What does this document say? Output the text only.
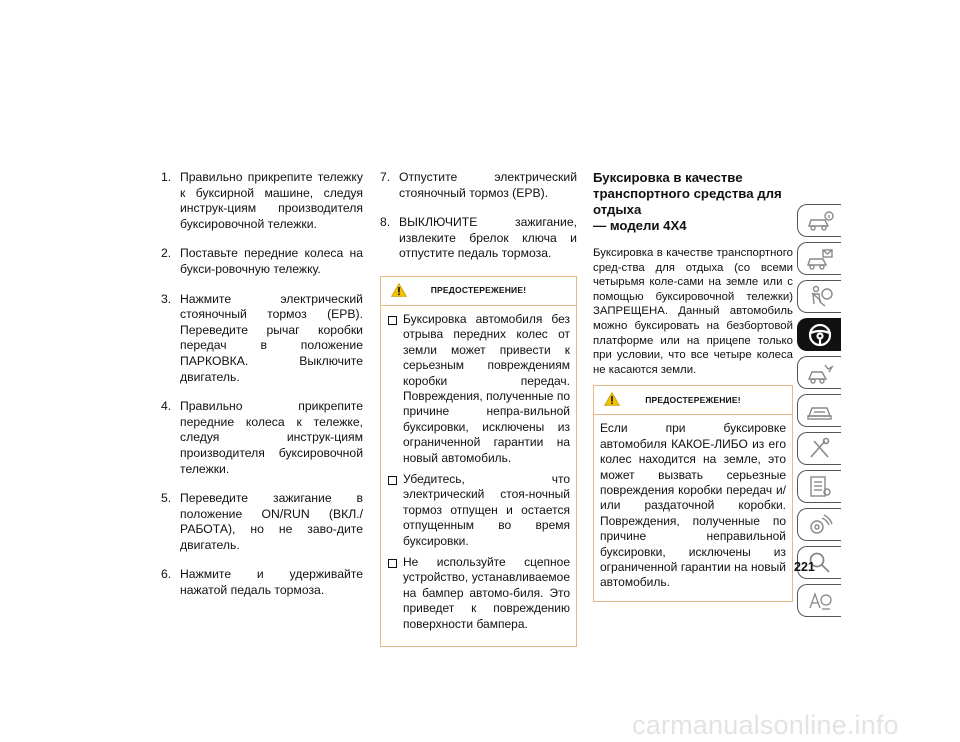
1. Правильно прикрепите тележку к буксирной машине, следуя инструк-циям производителя буксировочной тележки.
2. Поставьте передние колеса на букси-ровочную тележку.
3. Нажмите электрический стояночный тормоз (EPB). Переведите рычаг коробки передач в положение ПАРКОВКА. Выключите двигатель.
4. Правильно прикрепите передние колеса к тележке, следуя инструк-циям производителя буксировочной тележки.
5. Переведите зажигание в положение ON/RUN (ВКЛ./РАБОТА), но не заво-дите двигатель.
6. Нажмите и удерживайте нажатой педаль тормоза.
7. Отпустите электрический стояночный тормоз (EPB).
8. ВЫКЛЮЧИТЕ зажигание, извлеките брелок ключа и отпустите педаль тормоза.
ПРЕДОСТЕРЕЖЕНИЕ!
Буксировка автомобиля без отрыва передних колес от земли может привести к серьезным повреждениям коробки передач. Повреждения, полученные по причине непра-вильной буксировки, исключены из ограниченной гарантии на новый автомобиль.
Убедитесь, что электрический стоя-ночный тормоз отпущен и остается отпущенным во время буксировки.
Не используйте сцепное устройство, устанавливаемое на бампер автомо-биля. Это приведет к повреждению поверхности бампера.
Буксировка в качестве
транспортного средства для отдыха
— модели 4X4

Буксировка в качестве транспортного сред-ства для отдыха (со всеми четырьмя коле-сами на земле или с помощью буксировочной тележки) ЗАПРЕЩЕНА. Данный автомобиль можно буксировать на безбортовой платформе или на прицепе только при условии, что все четыре колеса не касаются земли.

ПРЕДОСТЕРЕЖЕНИЕ!

Если при буксировке автомобиля КАКОЕ-ЛИБО из его колес находится на земле, это может вызвать серьезные повреждения коробки передач и/или раздаточной коробки. Повреждения, полученные по причине неправильной буксировки, исключены из ограниченной гарантии на новый автомобиль.

221
carmanualsonline.info
